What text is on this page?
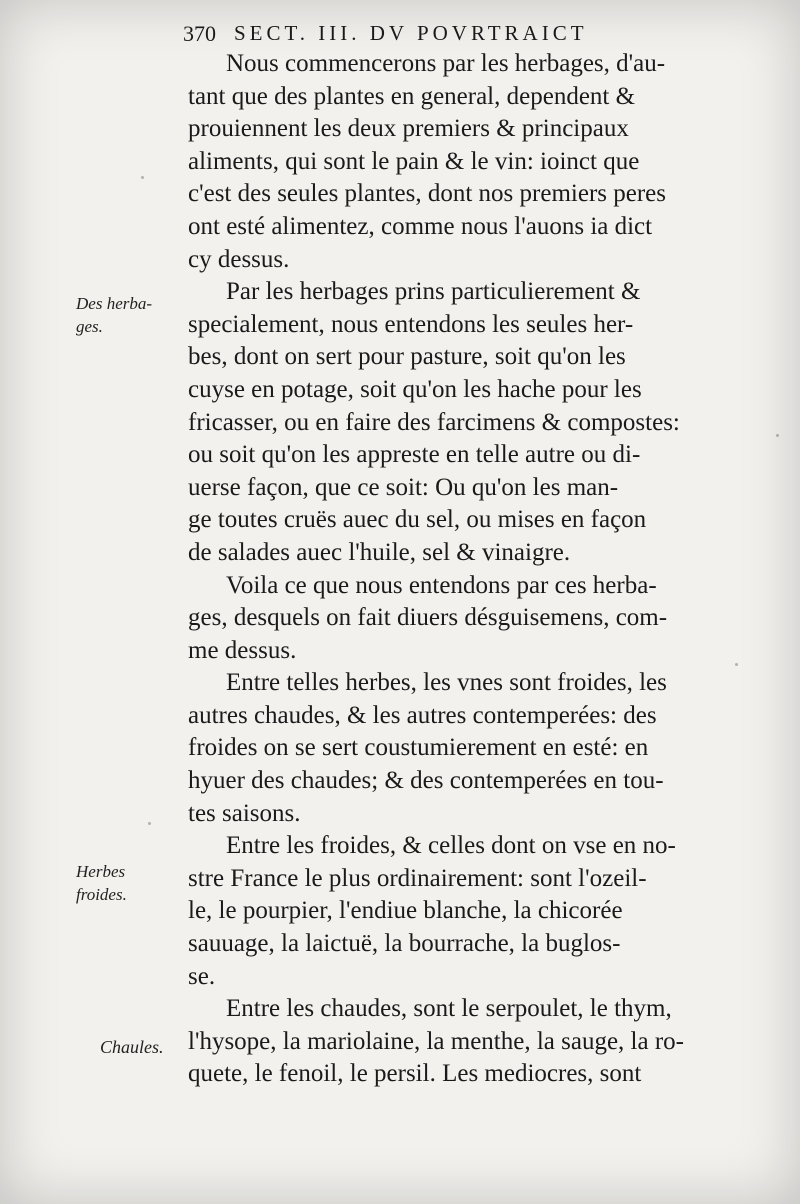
370 SECT. III. DV POVRTRAICT
Des herba-
ges.
Herbes
froides.
Chaules.
Nous commencerons par les herbages, d'au-
tant que des plantes en general, dependent &
prouiennent les deux premiers & principaux
aliments, qui sont le pain & le vin: ioinct que
c'est des seules plantes, dont nos premiers peres
ont esté alimentez, comme nous l'auons ia dict
cy dessus.
Par les herbages prins particulierement &
specialement, nous entendons les seules her-
bes, dont on sert pour pasture, soit qu'on les
cuyse en potage, soit qu'on les hache pour les
fricasser, ou en faire des farcimens & compostes:
ou soit qu'on les appreste en telle autre ou di-
uerse façon, que ce soit: Ou qu'on les man-
ge toutes cruës auec du sel, ou mises en façon
de salades auec l'huile, sel & vinaigre.
Voila ce que nous entendons par ces herba-
ges, desquels on fait diuers désguisemens, com-
me dessus.
Entre telles herbes, les vnes sont froides, les
autres chaudes, & les autres contemperées: des
froides on se sert coustumierement en esté: en
hyuer des chaudes; & des contemperées en tou-
tes saisons.
Entre les froides, & celles dont on vse en no-
stre France le plus ordinairement: sont l'ozeil-
le, le pourpier, l'endiue blanche, la chicorée
sauuage, la laictuë, la bourrache, la buglos-
se.
Entre les chaudes, sont le serpoulet, le thym,
l'hysope, la mariolaine, la menthe, la sauge, la ro-
quete, le fenoil, le persil. Les mediocres, sont
